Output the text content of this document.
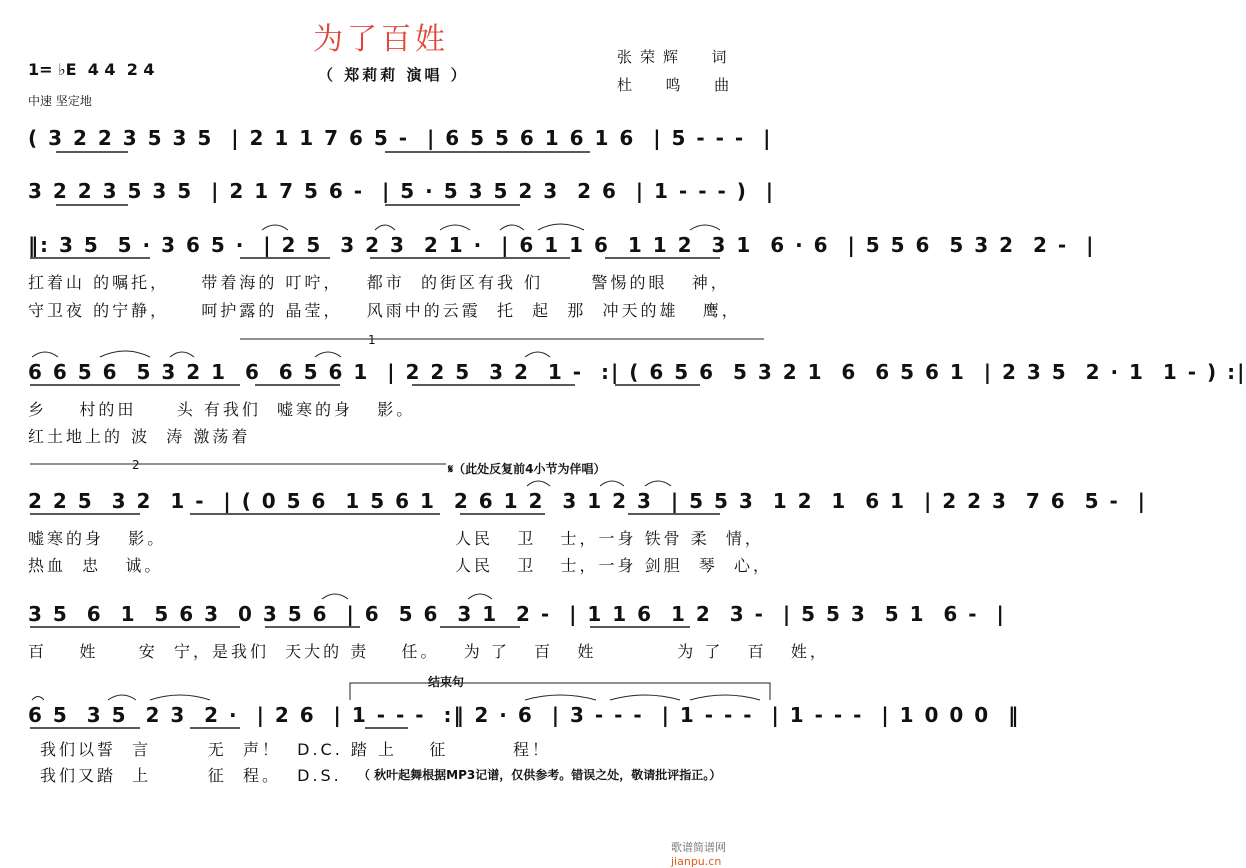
为了百姓
（ 郑莉莉 演唱 ）
1= ♭E  4 4  2 4
中速 坚定地
张荣辉  词
杜  鸣  曲
( 3 2 2 3 5 3 5  | 2 1 1 7 6 5 -  | 6 5 5 6 1 6 1 6  | 5 - - -  |
3 2 2 3 5 3 5  | 2 1 7 5 6 -  | 5 · 5 3 5 2 3  2 6  | 1 - - - )  |
‖: 3 5  5 · 3 6 5 ·  | 2 5  3 2 3  2 1 ·  | 6 1 1 6  1 1 2  3 1  6 · 6  | 5 5 6  5 3 2  2 -  |
扛着山 的嘱托，    带着海的 叮咛，   都市  的街区有我 们      警惕的眼   神，
守卫夜 的宁静，    呵护露的 晶莹，   风雨中的云霞  托  起  那  冲天的雄   鹰，
6 6 5 6  5 3 2 1  6  6 5 6 1  | 2 2 5  3 2  1 -  :| ( 6 5 6  5 3 2 1  6  6 5 6 1  | 2 3 5  2 · 1  1 - ) :|
乡    村的田     头 有我们  嘘寒的身   影。
红土地上的 波  涛 激荡着
𝄋（此处反复前4小节为伴唱）
2 2 5  3 2  1 -  | ( 0 5 6  1 5 6 1  2 6 1 2  3 1 2 3  | 5 5 3  1 2  1  6 1  | 2 2 3  7 6  5 -  |
嘘寒的身   影。
热血  忠   诚。
人民   卫   士，一身 铁骨 柔  情，
人民   卫   士，一身 剑胆  琴  心，
3 5  6  1  5 6 3  0 3 5 6  | 6  5 6  3 1  2 -  | 1 1 6  1 2  3 -  | 5 5 3  5 1  6 -  |
百    姓     安  宁，是我们  天大的 责    任。   为 了   百   姓          为 了   百   姓，
结束句
6 5  3 5  2 3  2 ·  | 2 6  | 1 - - -  :‖ 2 · 6  | 3 - - -  | 1 - - -  | 1 - - -  | 1 0 0 0  ‖
我们以誓  言       无  声！  D.C. 踏 上    征        程！
我们又踏  上       征  程。  D.S. （ 秋叶起舞根据MP3记谱，仅供参考。错误之处，敬请批评指正。）
1
2

歌谱简谱网
jianpu.cn
